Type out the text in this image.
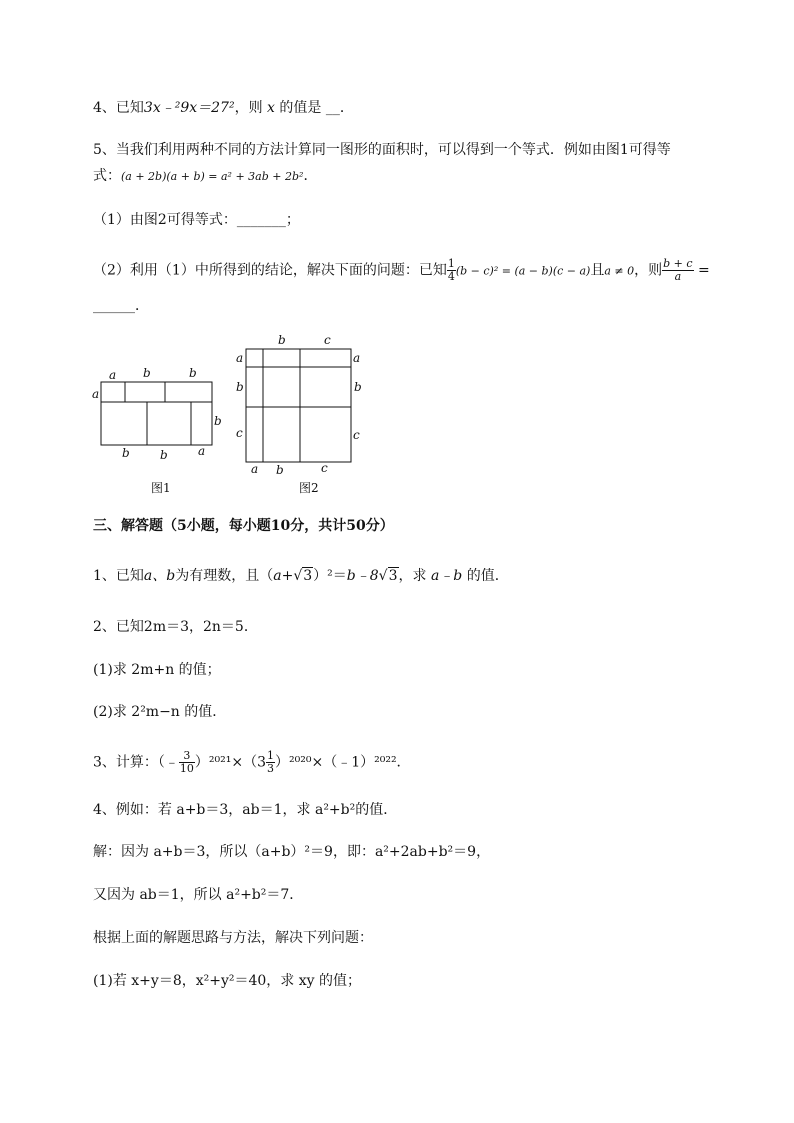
4、已知3x﹣²9x＝27²，则 x 的值是 __．
5、当我们利用两种不同的方法计算同一图形的面积时，可以得到一个等式．例如由图1可得等
式：(a + 2b)(a + b) = a² + 3ab + 2b²．
（1）由图2可得等式：_______；
（2）利用（1）中所得到的结论，解决下面的问题：已知 $\frac{1}{4} (b - c)^2 = (a - b)(c - a)$且a ≠ 0，则 $\frac{b + c}{a}$ =
______．
a b	b
a
b
b	b	a
图1
b	c
a
b
c
a
b
c
a b	c
图2
三、解答题（5小题，每小题10分，共计50分）
1、已知a、b为有理数，且（a+√3）²＝b﹣8√3，求 a﹣b 的值．
2、已知2m＝3，2n＝5．
(1)求 2m+n 的值；
(2)求 2²m−n 的值．
3、计算：（﹣ $\frac{3}{10} )^{2021}\times(3 \frac{1}{3}$ ）²⁰²⁰×（﹣1）²⁰²²．
4、例如：若 a+b＝3，ab＝1，求 a²+b²的值．
解：因为 a+b＝3，所以（a+b）²＝9，即：a²+2ab+b²＝9，
又因为 ab＝1，所以 a²+b²＝7．
根据上面的解题思路与方法，解决下列问题：
(1)若 x+y＝8，x²+y²＝40，求 xy 的值；
